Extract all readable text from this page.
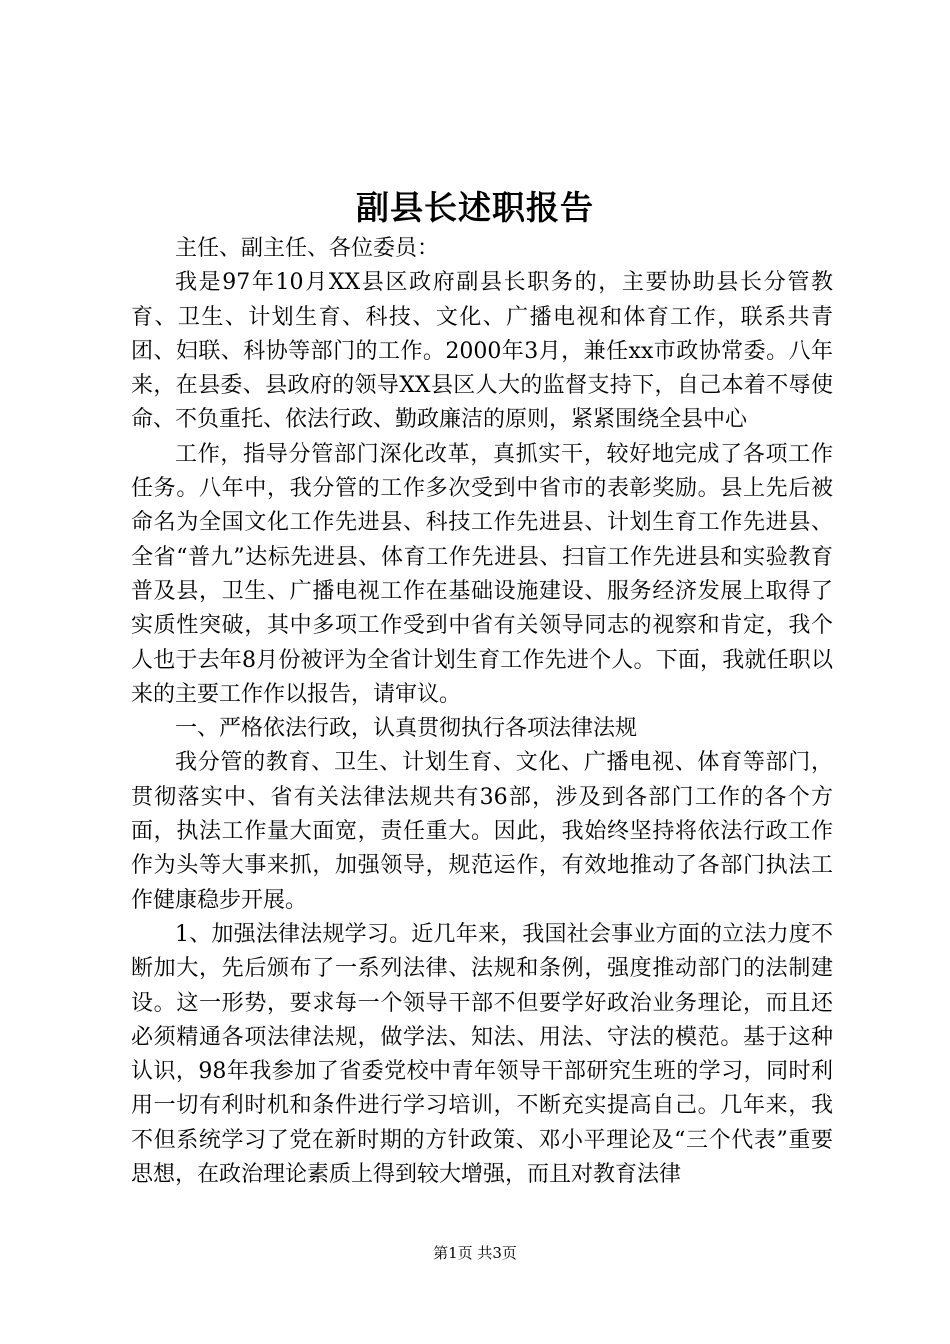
副县长述职报告

主任、副主任、各位委员：

我是97年10月XX县区政府副县长职务的，主要协助县长分管教育、卫生、计划生育、科技、文化、广播电视和体育工作，联系共青团、妇联、科协等部门的工作。2000年3月，兼任xx市政协常委。八年来，在县委、县政府的领导XX县区人大的监督支持下，自己本着不辱使命、不负重托、依法行政、勤政廉洁的原则，紧紧围绕全县中心

工作，指导分管部门深化改革，真抓实干，较好地完成了各项工作任务。八年中，我分管的工作多次受到中省市的表彰奖励。县上先后被命名为全国文化工作先进县、科技工作先进县、计划生育工作先进县、全省“普九”达标先进县、体育工作先进县、扫盲工作先进县和实验教育普及县，卫生、广播电视工作在基础设施建设、服务经济发展上取得了实质性突破，其中多项工作受到中省有关领导同志的视察和肯定，我个人也于去年8月份被评为全省计划生育工作先进个人。下面，我就任职以来的主要工作作以报告，请审议。

一、严格依法行政，认真贯彻执行各项法律法规

我分管的教育、卫生、计划生育、文化、广播电视、体育等部门，贯彻落实中、省有关法律法规共有36部，涉及到各部门工作的各个方面，执法工作量大面宽，责任重大。因此，我始终坚持将依法行政工作作为头等大事来抓，加强领导，规范运作，有效地推动了各部门执法工作健康稳步开展。

1、加强法律法规学习。近几年来，我国社会事业方面的立法力度不断加大，先后颁布了一系列法律、法规和条例，强度推动部门的法制建设。这一形势，要求每一个领导干部不但要学好政治业务理论，而且还必须精通各项法律法规，做学法、知法、用法、守法的模范。基于这种认识，98年我参加了省委党校中青年领导干部研究生班的学习，同时利用一切有利时机和条件进行学习培训，不断充实提高自己。几年来，我不但系统学习了党在新时期的方针政策、邓小平理论及“三个代表”重要思想，在政治理论素质上得到较大增强，而且对教育法律

第1页 共3页
